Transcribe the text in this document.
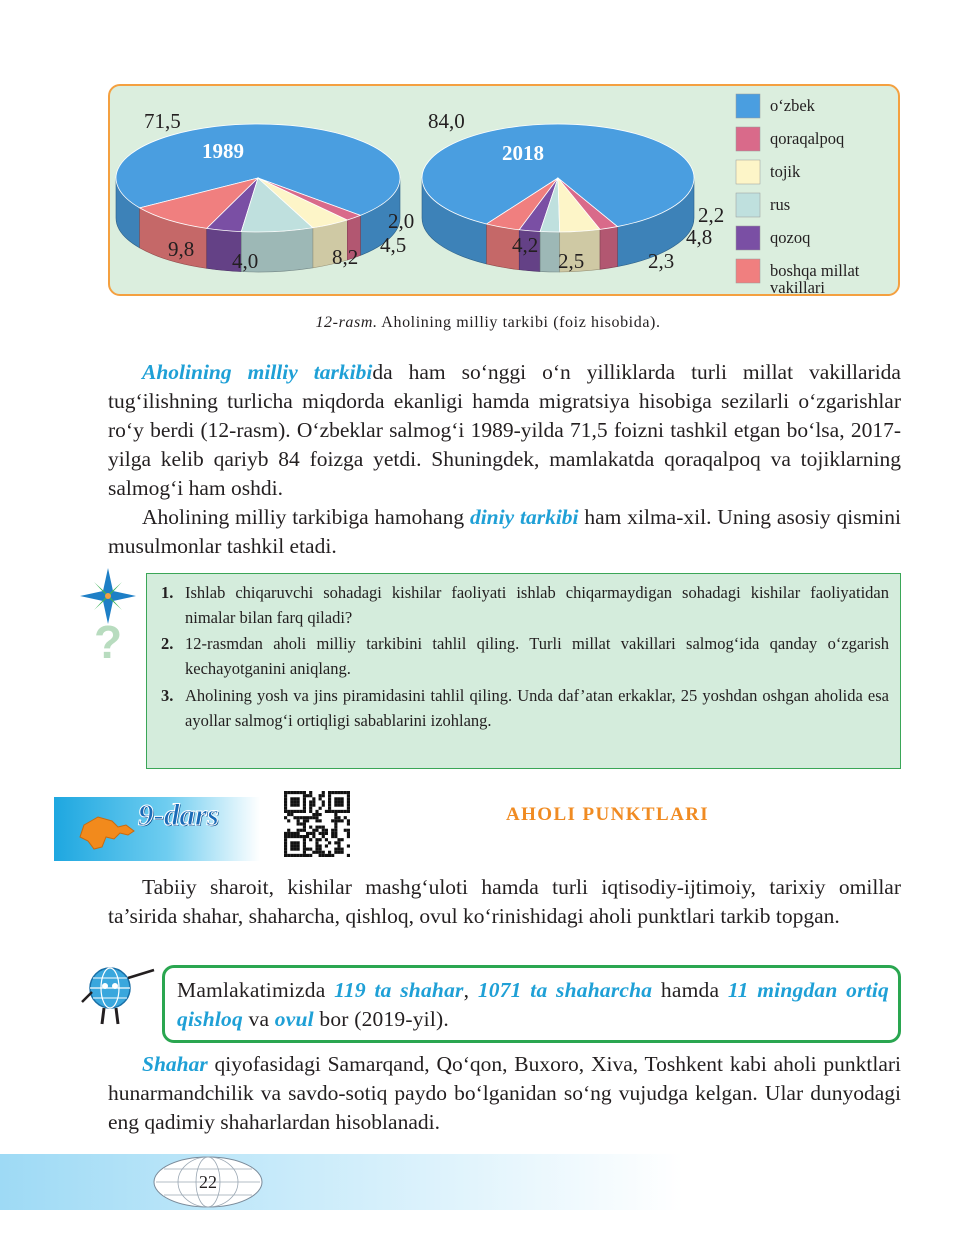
1989
71,5
9,8 4,0	8,2 4,5
2,0
2018
84,0
4,2
2,5	2,3
4,8
2,2
o‘zbek
qoraqalpoq
tojik
rus
qozoq
boshqa millat
vakillari
12-rasm. Aholining milliy tarkibi (foiz hisobida).

Aholining milliy tarkibida ham so‘nggi o‘n yilliklarda turli millat vakillarida tug‘ilishning turlicha miqdorda ekanligi hamda migratsiya hisobiga sezilarli o‘zgarishlar ro‘y berdi (12-rasm). O‘zbeklar salmog‘i 1989-yilda 71,5 foizni tashkil etgan bo‘lsa, 2017-yilga kelib qariyb 84 foizga yetdi. Shuningdek, mamlakatda qoraqalpoq va tojiklarning salmog‘i ham oshdi.

Aholining milliy tarkibiga hamohang diniy tarkibi ham xilma-xil. Uning asosiy qismini musulmonlar tashkil etadi.

?
1. Ishlab chiqaruvchi sohadagi kishilar faoliyati ishlab chiqarmaydigan sohadagi kishilar faoliyatidan nimalar bilan farq qiladi?
2. 12-rasmdan aholi milliy tarkibini tahlil qiling. Turli millat vakillari salmog‘ida qanday o‘zgarish kechayotganini aniqlang.
3. Aholining yosh va jins piramidasini tahlil qiling. Unda daf’atan erkaklar, 25 yoshdan oshgan aholida esa ayollar salmog‘i ortiqligi sabablarini izohlang.
9-dars	AHOLI PUNKTLARI

Tabiiy sharoit, kishilar mashg‘uloti hamda turli iqtisodiy-ijtimoiy, tarixiy omillar ta’sirida shahar, shaharcha, qishloq, ovul ko‘rinishidagi aholi punktlari tarkib topgan.

Mamlakatimizda 119 ta shahar, 1071 ta shaharcha hamda 11 mingdan ortiq qishloq va ovul bor (2019-yil).

Shahar qiyofasidagi Samarqand, Qo‘qon, Buxoro, Xiva, Toshkent kabi aholi punktlari hunarmandchilik va savdo-sotiq paydo bo‘lganidan so‘ng vujudga kelgan. Ular dunyodagi eng qadimiy shaharlardan hisoblanadi.

22
